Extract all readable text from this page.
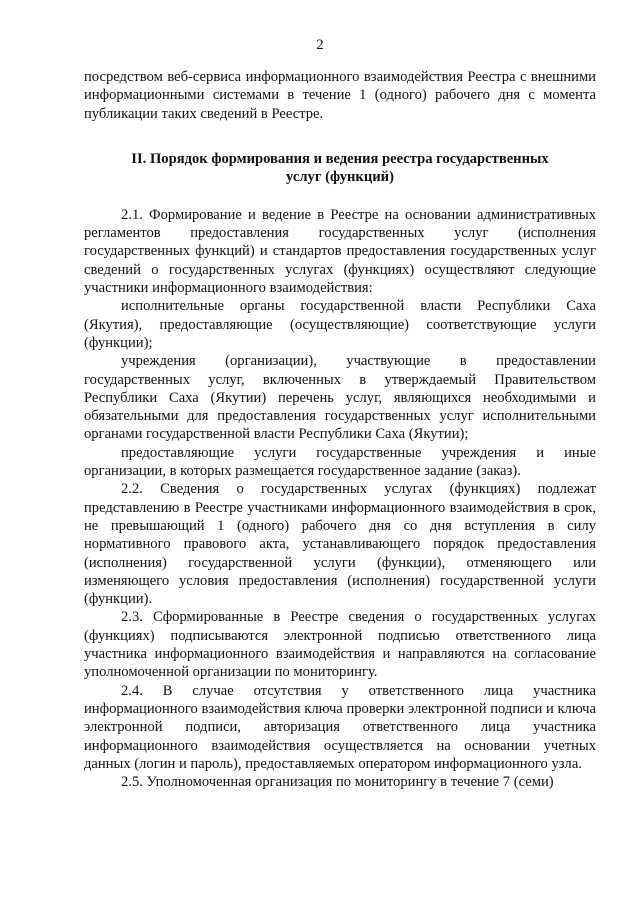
2

посредством веб-сервиса информационного взаимодействия Реестра с внешними информационными системами в течение 1 (одного) рабочего дня с момента публикации таких сведений в Реестре.

II. Порядок формирования и ведения реестра государственных услуг (функций)

2.1. Формирование и ведение в Реестре на основании административных регламентов предоставления государственных услуг (исполнения государственных функций) и стандартов предоставления государственных услуг сведений о государственных услугах (функциях) осуществляют следующие участники информационного взаимодействия:

исполнительные органы государственной власти Республики Саха (Якутия), предоставляющие (осуществляющие) соответствующие услуги (функции);

учреждения (организации), участвующие в предоставлении государственных услуг, включенных в утверждаемый Правительством Республики Саха (Якутии) перечень услуг, являющихся необходимыми и обязательными для предоставления государственных услуг исполнительными органами государственной власти Республики Саха (Якутии);

предоставляющие услуги государственные учреждения и иные организации, в которых размещается государственное задание (заказ).

2.2. Сведения о государственных услугах (функциях) подлежат представлению в Реестре участниками информационного взаимодействия в срок, не превышающий 1 (одного) рабочего дня со дня вступления в силу нормативного правового акта, устанавливающего порядок предоставления (исполнения) государственной услуги (функции), отменяющего или изменяющего условия предоставления (исполнения) государственной услуги (функции).

2.3. Сформированные в Реестре сведения о государственных услугах (функциях) подписываются электронной подписью ответственного лица участника информационного взаимодействия и направляются на согласование уполномоченной организации по мониторингу.

2.4. В случае отсутствия у ответственного лица участника информационного взаимодействия ключа проверки электронной подписи и ключа электронной подписи, авторизация ответственного лица участника информационного взаимодействия осуществляется на основании учетных данных (логин и пароль), предоставляемых оператором информационного узла.

2.5. Уполномоченная организация по мониторингу в течение 7 (семи)
